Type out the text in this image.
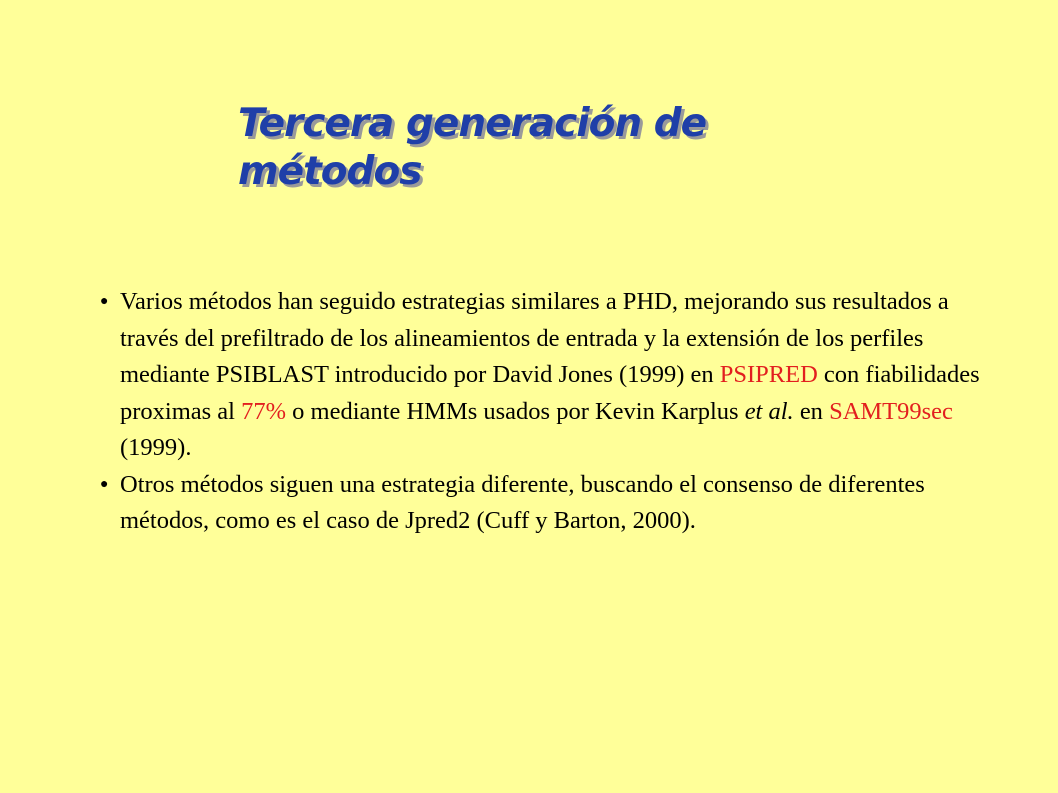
Tercera generación de
métodos
● Varios métodos han seguido estrategias similares a PHD, mejorando sus resultados a través del prefiltrado de los alineamientos de entrada y la extensión de los perfiles mediante PSIBLAST introducido por David Jones (1999) en PSIPRED con fiabilidades proximas al 77% o mediante HMMs usados por Kevin Karplus et al. en SAMT99sec (1999).
● Otros métodos siguen una estrategia diferente, buscando el consenso de diferentes métodos, como es el caso de Jpred2 (Cuff y Barton, 2000).
